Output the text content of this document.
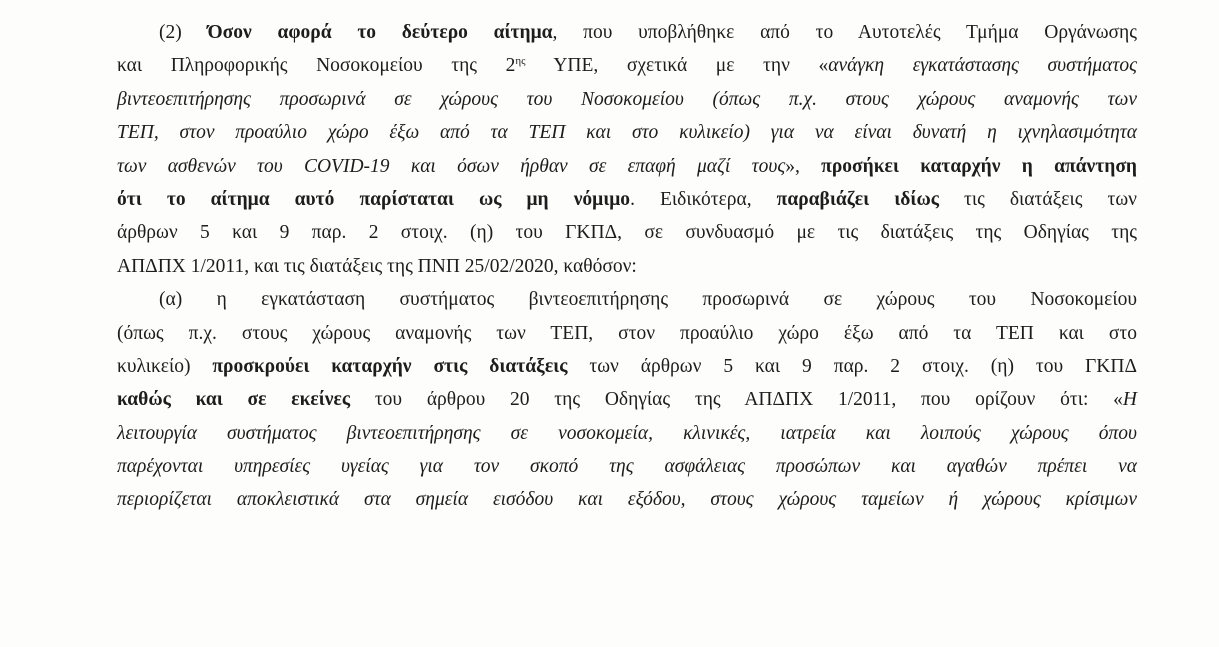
(2) Όσον αφορά το δεύτερο αίτημα, που υποβλήθηκε από το Αυτοτελές Τμήμα Οργάνωσης
και Πληροφορικής Νοσοκομείου της $2^{\eta\varsigma}$ ΥΠΕ, σχετικά με την «ανάγκη εγκατάστασης συστήματος
βιντεοεπιτήρησης προσωρινά σε χώρους του Νοσοκομείου (όπως π.χ. στους χώρους αναμονής των
ΤΕΠ, στον προαύλιο χώρο έξω από τα ΤΕΠ και στο κυλικείο) για να είναι δυνατή η ιχνηλασιμότητα
των ασθενών του COVID-19 και όσων ήρθαν σε επαφή μαζί τους», προσήκει καταρχήν η απάντηση
ότι το αίτημα αυτό παρίσταται ως μη νόμιμο. Ειδικότερα, παραβιάζει ιδίως τις διατάξεις των
άρθρων 5 και 9 παρ. 2 στοιχ. (η) του ΓΚΠΔ, σε συνδυασμό με τις διατάξεις της Οδηγίας της
ΑΠΔΠΧ 1/2011, και τις διατάξεις της ΠΝΠ 25/02/2020, καθόσον:
(α) η εγκατάσταση συστήματος βιντεοεπιτήρησης προσωρινά σε χώρους του Νοσοκομείου
(όπως π.χ. στους χώρους αναμονής των ΤΕΠ, στον προαύλιο χώρο έξω από τα ΤΕΠ και στο
κυλικείο) προσκρούει καταρχήν στις διατάξεις των άρθρων 5 και 9 παρ. 2 στοιχ. (η) του ΓΚΠΔ
καθώς και σε εκείνες του άρθρου 20 της Οδηγίας της ΑΠΔΠΧ 1/2011, που ορίζουν ότι: «Η
λειτουργία συστήματος βιντεοεπιτήρησης σε νοσοκομεία, κλινικές, ιατρεία και λοιπούς χώρους όπου
παρέχονται υπηρεσίες υγείας για τον σκοπό της ασφάλειας προσώπων και αγαθών πρέπει να
περιορίζεται αποκλειστικά στα σημεία εισόδου και εξόδου, στους χώρους ταμείων ή χώρους κρίσιμων
